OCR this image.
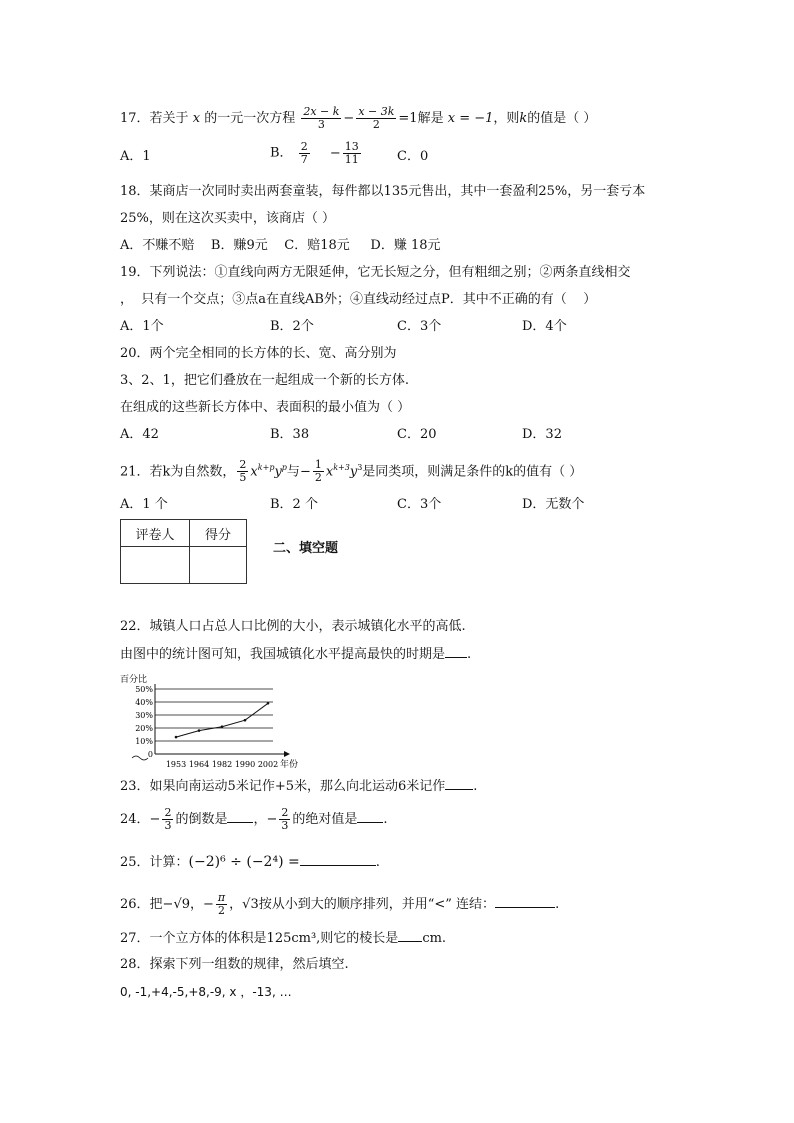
17．若关于 x 的一元一次方程 $\frac{2x - k}{3} - \frac{x - 3k}{2} =1$解是 x = −1，则k的值是（ ）
A．1	B． $\frac{2}{7} - \frac{13}{11}$	C．0
18．某商店一次同时卖出两套童装，每件都以135元售出，其中一套盈利25%，另一套亏本
25%，则在这次买卖中，该商店（ ）
A．不赚不赔    B．赚9元    C．赔18元     D．赚 18元
19．下列说法：①直线向两方无限延伸，它无长短之分，但有粗细之别；②两条直线相交
，  只有一个交点；③点a在直线AB外；④直线动经过点P．其中不正确的有（    ）
A．1个	B．2个	C．3个	D．4个
20．两个完全相同的长方体的长、宽、高分别为
3、2、1，把它们叠放在一起组成一个新的长方体.
在组成的这些新长方体中、表面积的最小值为（ ）
A．42	B．38	C．20	D．32
21．若k为自然数， $\frac{2}{5} x^{k+p}y^p$与− $\frac{1}{2} x^{k+3}y^3$是同类项，则满足条件的k的值有（ ）
A．1 个	B．2 个	C．3个	D．无数个
评卷人	得分

二、填空题
22．城镇人口占总人口比例的大小，表示城镇化水平的高低.
由图中的统计图可知，我国城镇化水平提高最快的时期是 .
百分比
0
10%
20%
30%
40%
50%
1953 1964 1982 1990 2002 年份
23．如果向南运动5米记作+5米，那么向北运动6米记作 .
24．− $\frac{2}{3}$ 的倒数是 ，− $\frac{2}{3}$ 的绝对值是 .
25．计算：(−2)⁶ ÷ (−2⁴) =	.
26．把−√9，− $\frac{\pi}{2}$ ，√3按从小到大的顺序排列，并用“<” 连结：	.
27．一个立方体的体积是125cm³,则它的棱长是 cm.
28．探索下列一组数的规律，然后填空.
0, -1,+4,-5,+8,-9, x ，-13, …
